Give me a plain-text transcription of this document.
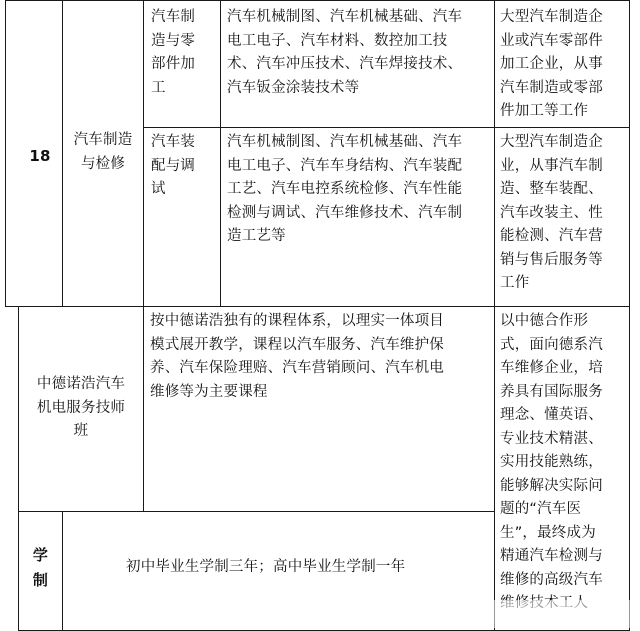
18
汽车制造
与检修
汽车制
造与零
部件加
工
汽车机械制图、汽车机械基础、汽车
电工电子、汽车材料、数控加工技
术、汽车冲压技术、汽车焊接技术、
汽车钣金涂装技术等
大型汽车制造企
业或汽车零部件
加工企业，从事
汽车制造或零部
件加工等工作
汽车装
配与调
试
汽车机械制图、汽车机械基础、汽车
电工电子、汽车车身结构、汽车装配
工艺、汽车电控系统检修、汽车性能
检测与调试、汽车维修技术、汽车制
造工艺等
大型汽车制造企
业，从事汽车制
造、整车装配、
汽车改装主、性
能检测、汽车营
销与售后服务等
工作
中德诺浩汽车
机电服务技师
班
按中德诺浩独有的课程体系，以理实一体项目
模式展开教学，课程以汽车服务、汽车维护保
养、汽车保险理赔、汽车营销顾问、汽车机电
维修等为主要课程
以中德合作形
式，面向德系汽
车维修企业，培
养具有国际服务
理念、懂英语、
专业技术精湛、
实用技能熟练，
能够解决实际问
题的“汽车医
生”，最终成为
精通汽车检测与
维修的高级汽车
学
制
初中毕业生学制三年；高中毕业生学制一年
